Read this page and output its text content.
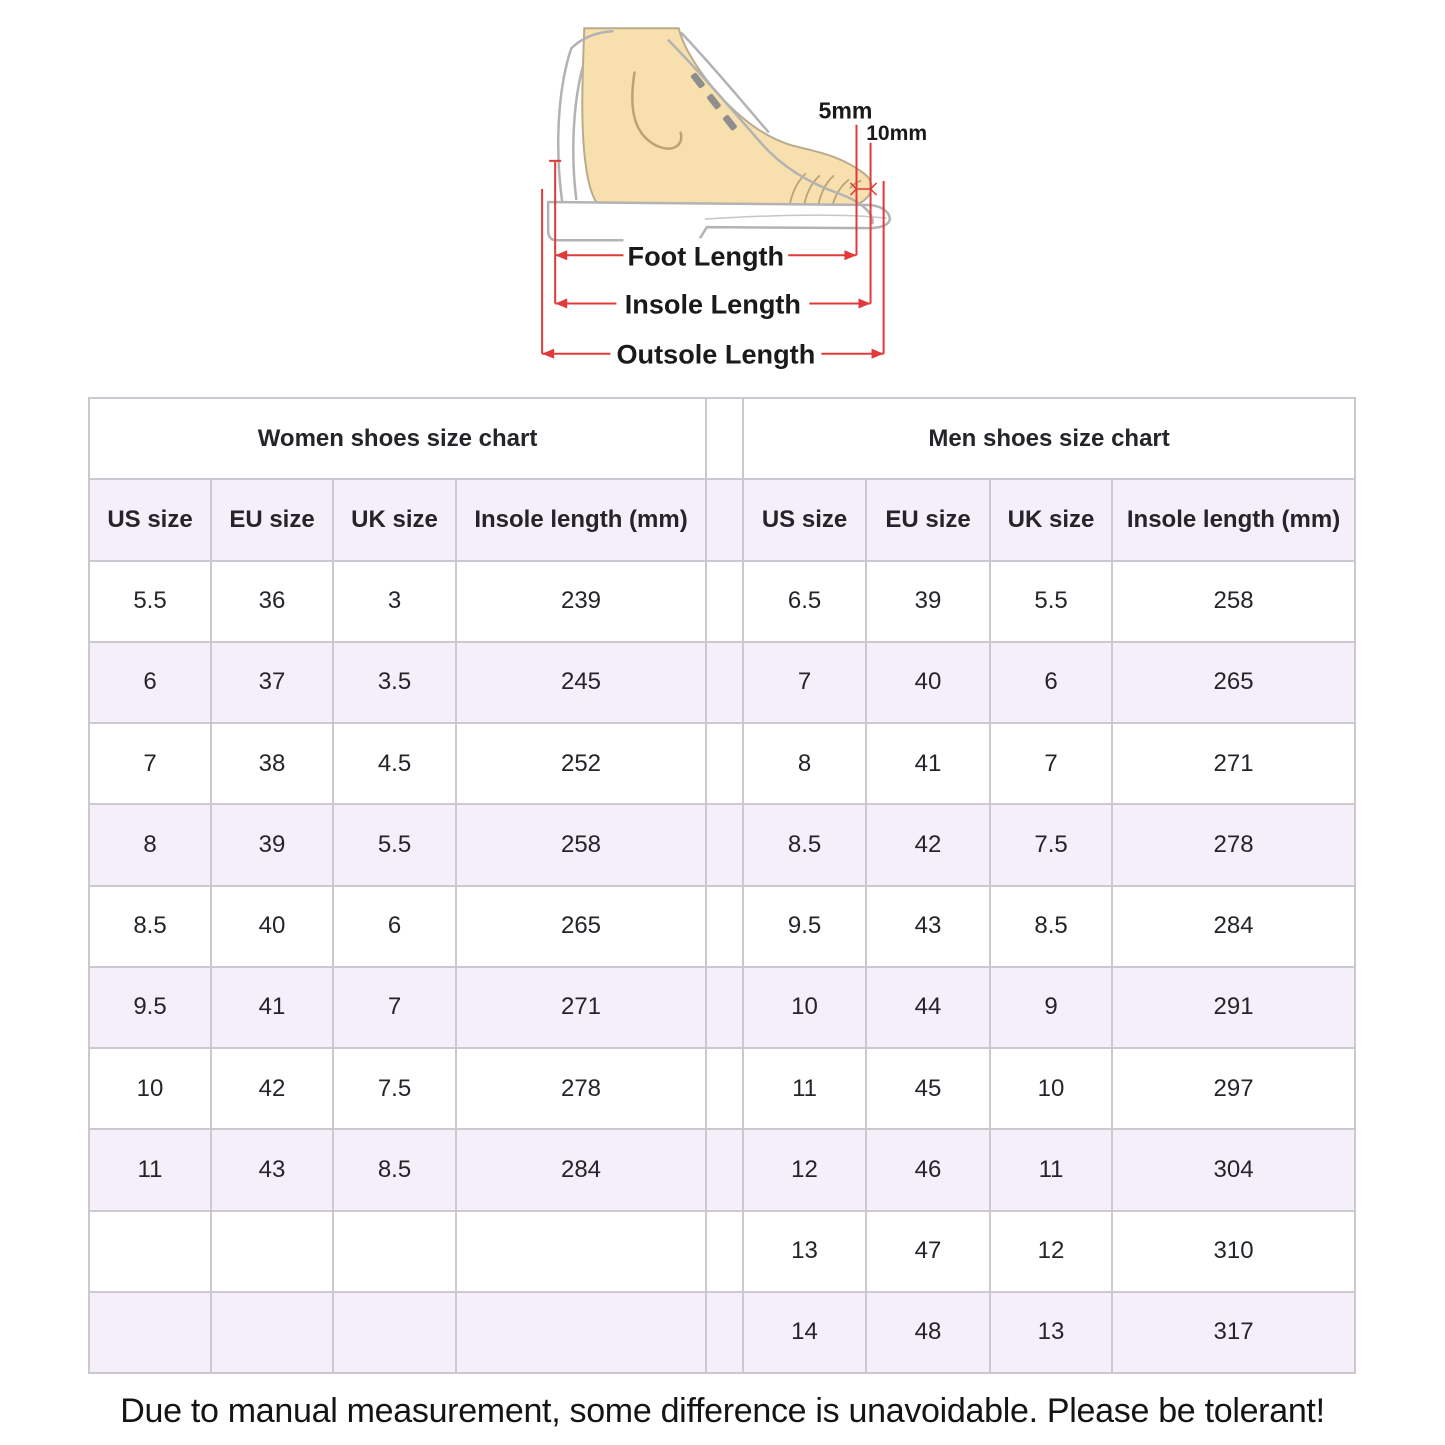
Foot Length
Insole Length
Outsole Length
5mm
10mm
Women shoes size chart					Men shoes size chart			
US size	EU size	UK size	Insole length (mm)		US size	EU size	UK size	Insole length (mm)
5.5	36	3	239		6.5	39	5.5	258
6	37	3.5	245		7	40	6	265
7	38	4.5	252		8	41	7	271
8	39	5.5	258		8.5	42	7.5	278
8.5	40	6	265		9.5	43	8.5	284
9.5	41	7	271		10	44	9	291
10	42	7.5	278		11	45	10	297
11	43	8.5	284		12	46	11	304
					13	47	12	310
					14	48	13	317
Due to manual measurement, some difference is unavoidable. Please be tolerant!
